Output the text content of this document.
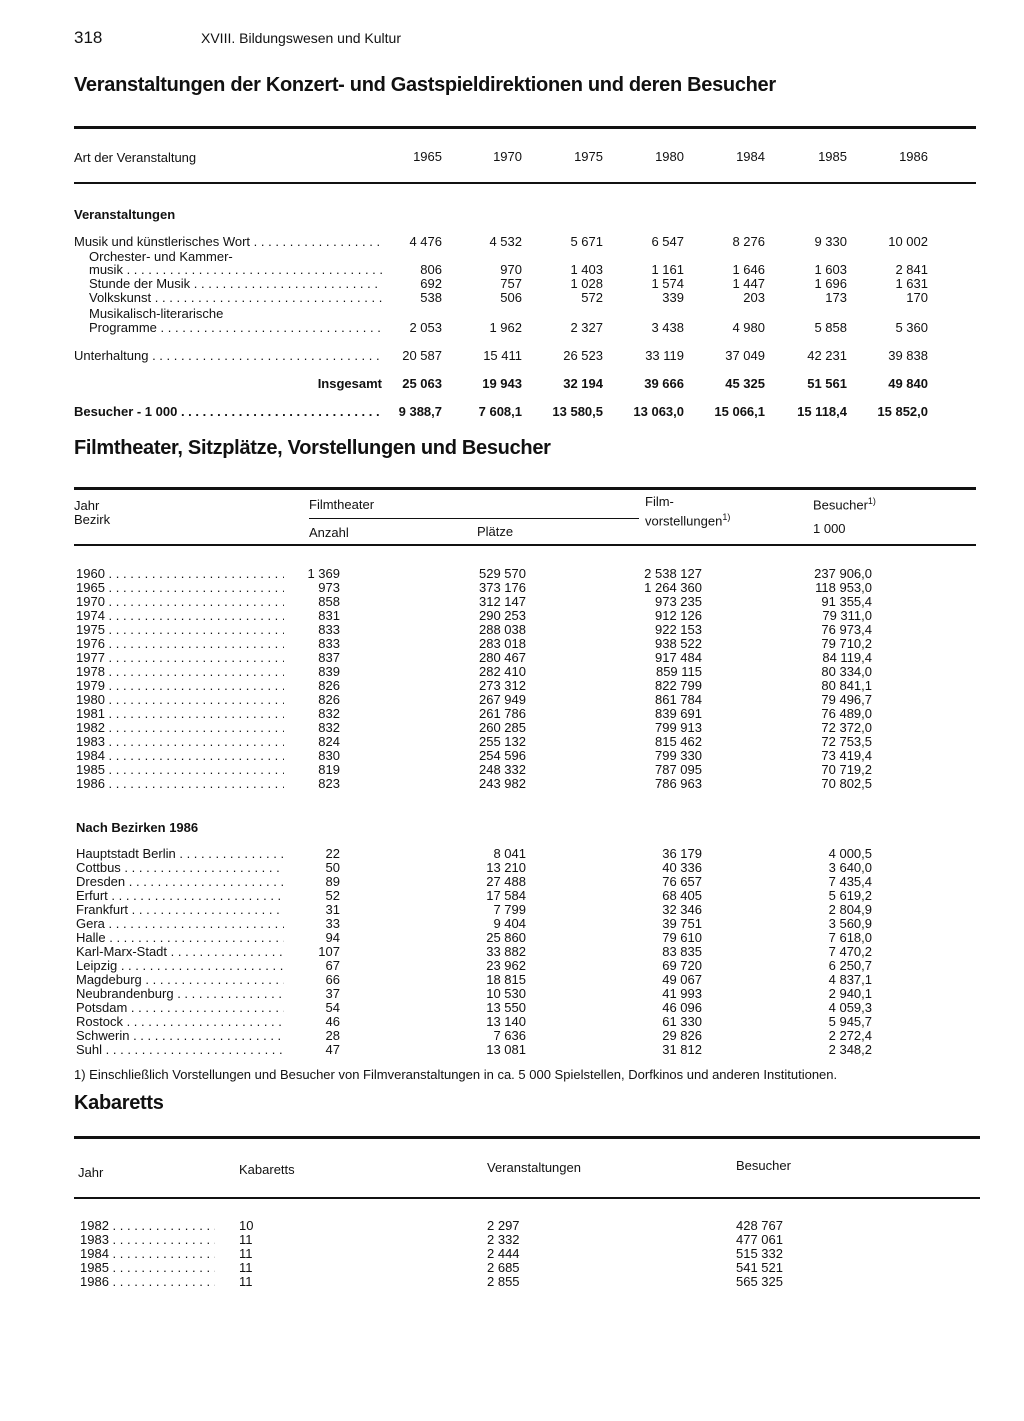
318	XVIII. Bildungswesen und Kultur
Veranstaltungen der Konzert- und Gastspieldirektionen und deren Besucher
Art der Veranstaltung	1965	1970	1975	1980	1984	1985	1986
Veranstaltungen
Musik und künstlerisches Wort . . .	4 476	4 532	5 671	6 547	8 276	9 330	10 002
Orchester- und Kammer-
musik . . .	806	970	1 403	1 161	1 646	1 603	2 841
Stunde der Musik . . .	692	757	1 028	1 574	1 447	1 696	1 631
Volkskunst . . .	538	506	572	339	203	173	170
Musikalisch-literarische
Programme . . .	2 053	1 962	2 327	3 438	4 980	5 858	5 360
Unterhaltung . . .	20 587	15 411	26 523	33 119	37 049	42 231	39 838
Insgesamt	25 063	19 943	32 194	39 666	45 325	51 561	49 840
Besucher - 1 000 . . .	9 388,7	7 608,1	13 580,5	13 063,0	15 066,1	15 118,4	15 852,0
Filmtheater, Sitzplätze, Vorstellungen und Besucher
Jahr
Bezirk
Filmtheater
Anzahl	Plätze
Film-
vorstellungen$^{1)}$
Besucher$^{1)}$
1 000
1960 . . .	1 369	529 570	2 538 127	237 906,0
1965 . . .	973	373 176	1 264 360	118 953,0
1970 . . .	858	312 147	973 235	91 355,4
1974 . . .	831	290 253	912 126	79 311,0
1975 . . .	833	288 038	922 153	76 973,4
1976 . . .	833	283 018	938 522	79 710,2
1977 . . .	837	280 467	917 484	84 119,4
1978 . . .	839	282 410	859 115	80 334,0
1979 . . .	826	273 312	822 799	80 841,1
1980 . . .	826	267 949	861 784	79 496,7
1981 . . .	832	261 786	839 691	76 489,0
1982 . . .	832	260 285	799 913	72 372,0
1983 . . .	824	255 132	815 462	72 753,5
1984 . . .	830	254 596	799 330	73 419,4
1985 . . .	819	248 332	787 095	70 719,2
1986 . . .	823	243 982	786 963	70 802,5
Nach Bezirken 1986
Hauptstadt Berlin . . .	22	8 041	36 179	4 000,5
Cottbus . . .	50	13 210	40 336	3 640,0
Dresden . . .	89	27 488	76 657	7 435,4
Erfurt . . .	52	17 584	68 405	5 619,2
Frankfurt . . .	31	7 799	32 346	2 804,9
Gera . . .	33	9 404	39 751	3 560,9
Halle . . .	94	25 860	79 610	7 618,0
Karl-Marx-Stadt . . .	107	33 882	83 835	7 470,2
Leipzig . . .	67	23 962	69 720	6 250,7
Magdeburg . . .	66	18 815	49 067	4 837,1
Neubrandenburg . . .	37	10 530	41 993	2 940,1
Potsdam . . .	54	13 550	46 096	4 059,3
Rostock . . .	46	13 140	61 330	5 945,7
Schwerin . . .	28	7 636	29 826	2 272,4
Suhl . . .	47	13 081	31 812	2 348,2
1) Einschließlich Vorstellungen und Besucher von Filmveranstaltungen in ca. 5 000 Spielstellen, Dorfkinos und anderen Institutionen.
Kabaretts
Jahr	Kabaretts	Veranstaltungen	Besucher
1982 . . .	10	2 297	428 767
1983 . . .	11	2 332	477 061
1984 . . .	11	2 444	515 332
1985 . . .	11	2 685	541 521
1986 . . .	11	2 855	565 325
